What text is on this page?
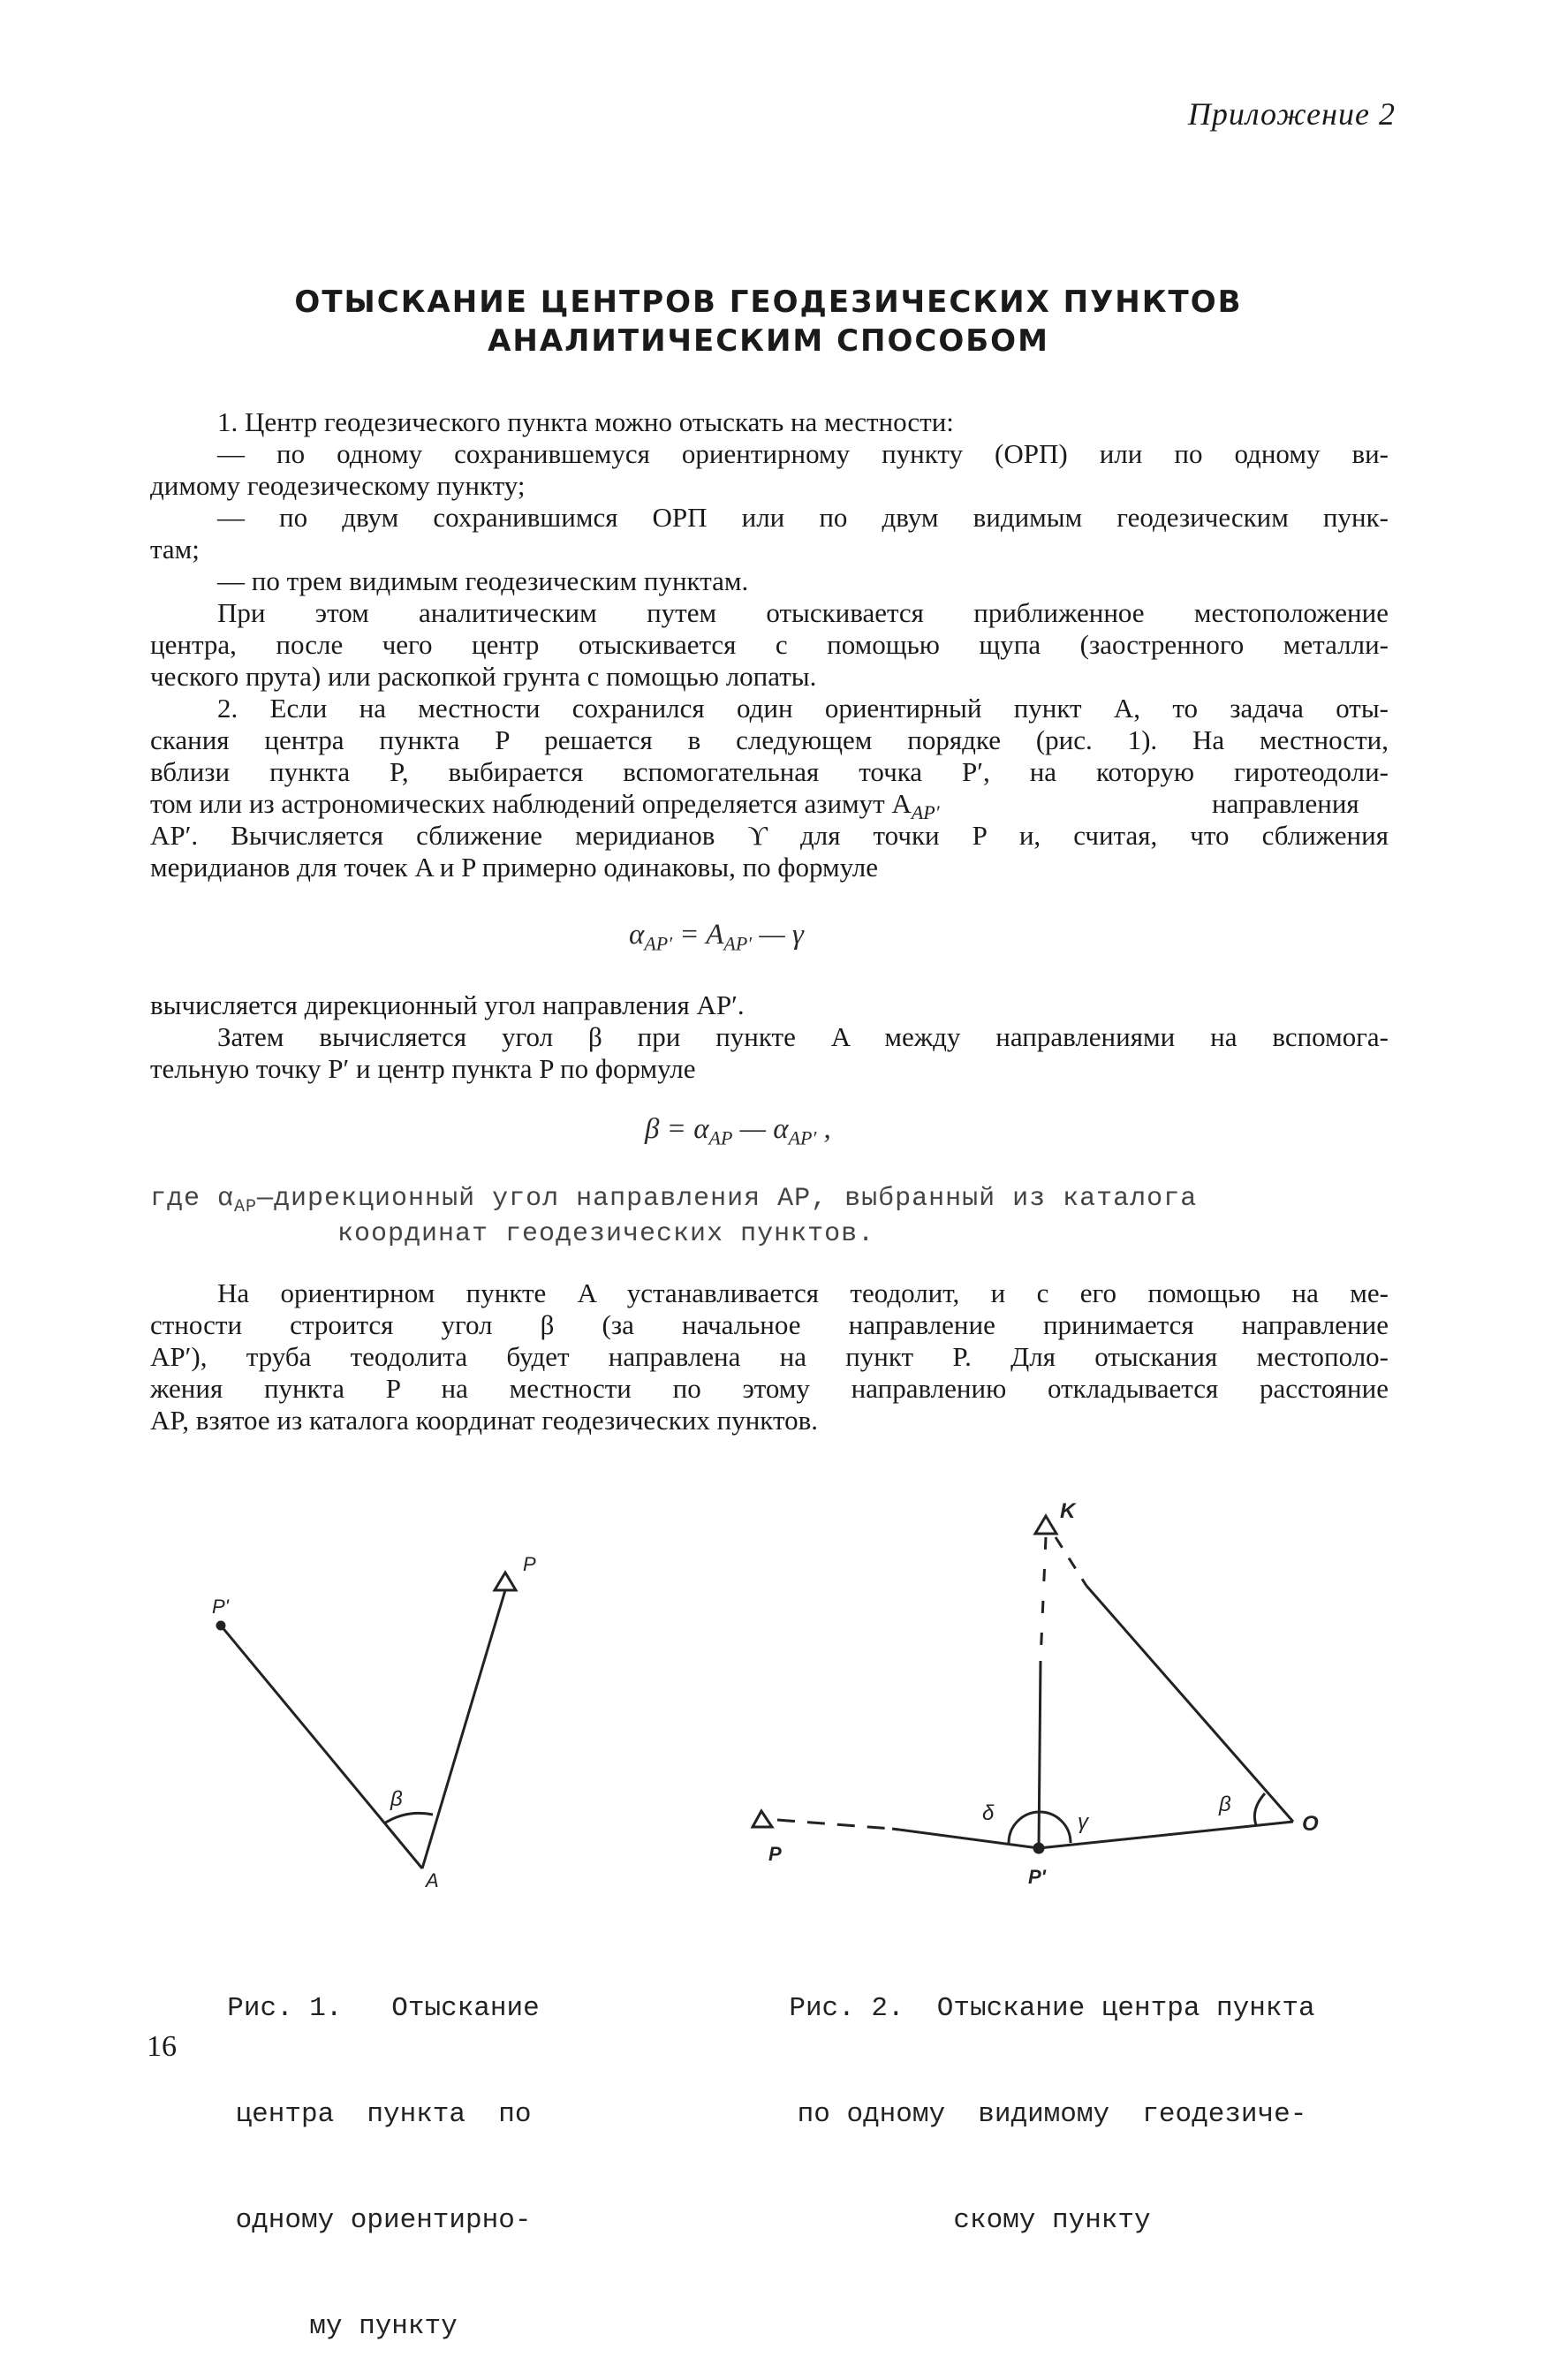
Приложение 2
ОТЫСКАНИЕ ЦЕНТРОВ ГЕОДЕЗИЧЕСКИХ ПУНКТОВ
АНАЛИТИЧЕСКИМ СПОСОБОМ
1. Центр геодезического пункта можно отыскать на местности:
— по одному сохранившемуся ориентирному пункту (ОРП) или по одному ви-
димому геодезическому пункту;
— по двум сохранившимся ОРП или по двум видимым геодезическим пунк-
там;
— по трем видимым геодезическим пунктам.
При этом аналитическим путем отыскивается приближенное местоположение
центра, после чего центр отыскивается с помощью щупа (заостренного металли-
ческого прута) или раскопкой грунта с помощью лопаты.
2. Если на местности сохранился один ориентирный пункт A, то задача оты-
скания центра пункта P решается в следующем порядке (рис. 1). На местности,
вблизи пункта P, выбирается вспомогательная точка P′, на которую гиротеодоли-
том или из астрономических наблюдений определяется азимут $A_{AP'}$	направления
AP′. Вычисляется сближение меридианов ϒ для точки P и, считая, что сближения
меридианов для точек A и P примерно одинаковы, по формуле
$\alpha_{AP'} = A_{AP'}$ — γ
вычисляется дирекционный угол направления AP′.
Затем вычисляется угол β при пункте A между направлениями на вспомога-
тельную точку P′ и центр пункта P по формуле
$\beta = \alpha_{AP}$ — $\alpha_{AP'}$ ,
где $\alpha_{AP}—дирекционный$ угол направления AP, выбранный из каталога
координат геодезических пунктов.
На ориентирном пункте A устанавливается теодолит, и с его помощью на ме-
стности строится угол β (за начальное направление принимается направление
AP′), труба теодолита будет направлена на пункт P. Для отыскания местополо-
жения пункта P на местности по этому направлению откладывается расстояние
AP, взятое из каталога координат геодезических пунктов.
P'
P
A
β
K
P
P'
O
δ	γ
β

Рис. 1.   Отыскание

центра  пункта  по

одному ориентирно-

му пункту

Рис. 2.  Отыскание центра пункта

по одному  видимому  геодезиче-

скому пункту

16
